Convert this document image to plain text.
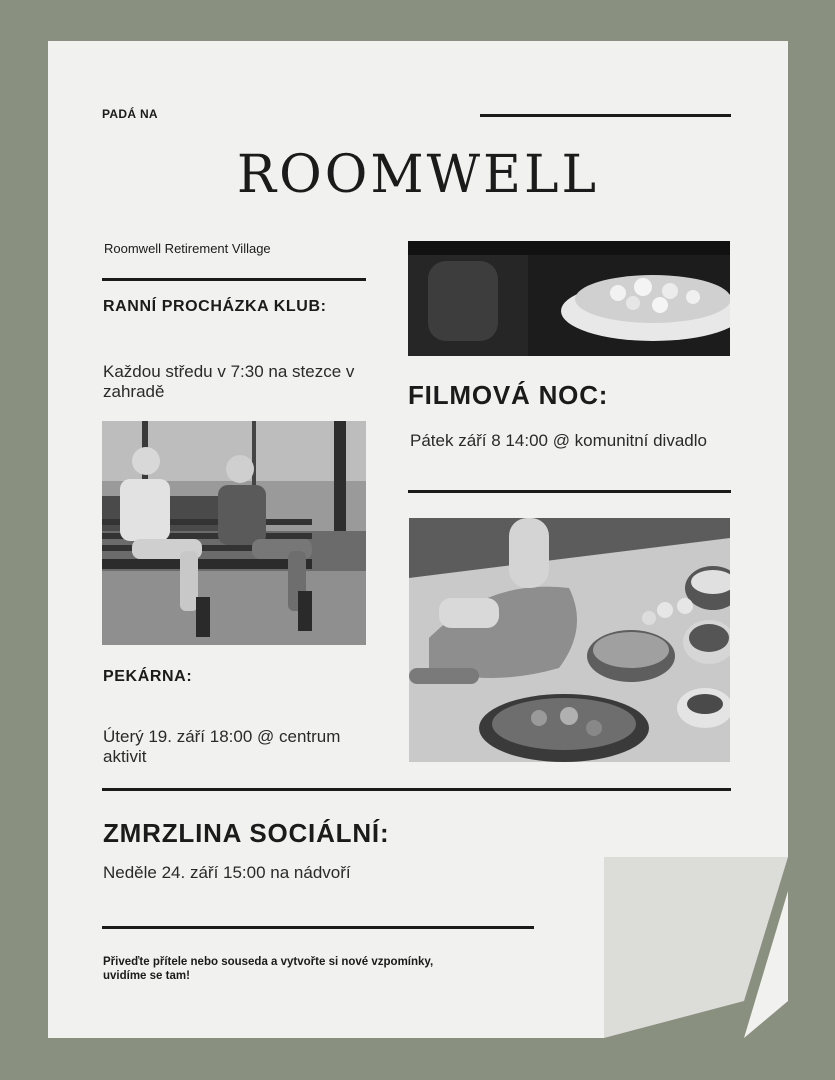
PADÁ NA
ROOMWELL
Roomwell Retirement Village
RANNÍ PROCHÁZKA KLUB:
Každou středu v 7:30 na stezce v zahradě
PEKÁRNA:
Úterý 19. září 18:00 @ centrum aktivit
FILMOVÁ NOC:
Pátek září 8 14:00 @ komunitní divadlo
ZMRZLINA SOCIÁLNÍ:
Neděle 24. září 15:00 na nádvoří
Přiveďte přítele nebo souseda a vytvořte si nové vzpomínky, uvidíme se tam!
